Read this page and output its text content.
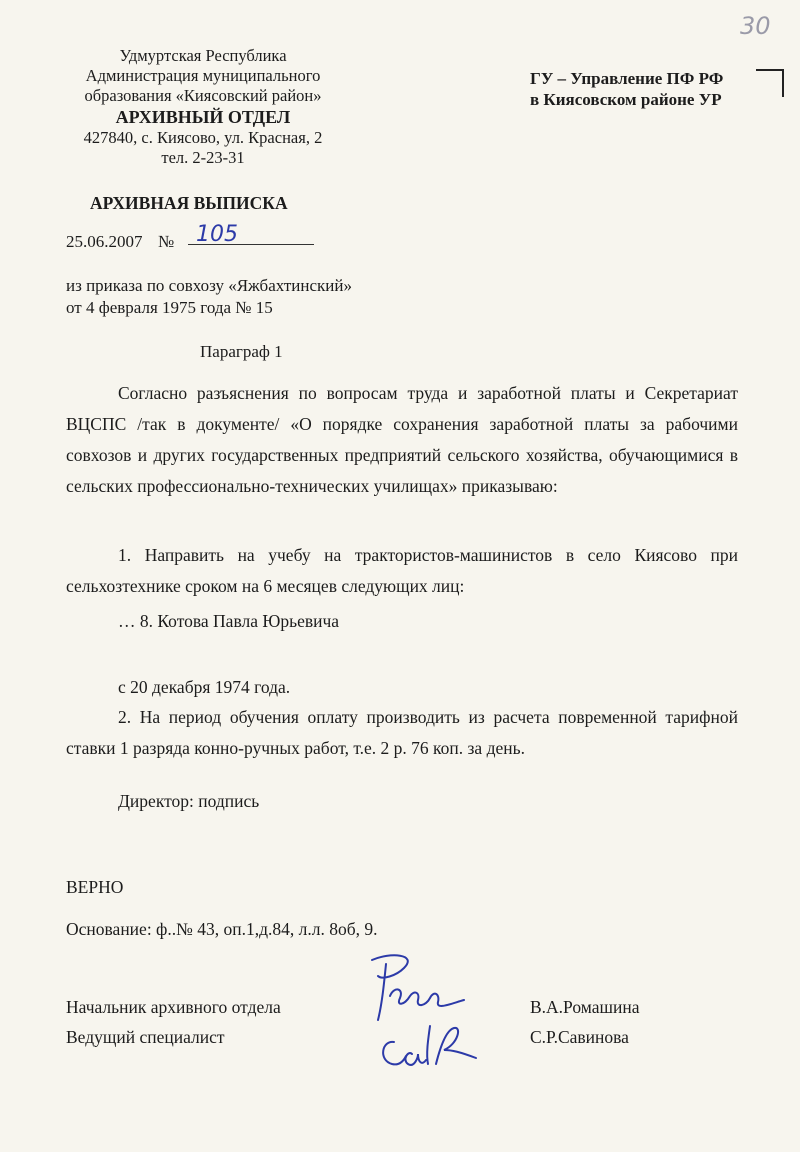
30
Удмуртская Республика
Администрация муниципального
образования «Киясовский район»
АРХИВНЫЙ ОТДЕЛ
427840, с. Киясово, ул. Красная, 2
тел. 2-23-31
ГУ – Управление ПФ РФ
в Киясовском районе УР
АРХИВНАЯ ВЫПИСКА
25.06.2007 № 105
из приказа по совхозу «Яжбахтинский»
от 4 февраля 1975 года № 15
Параграф 1
Согласно разъяснения по вопросам труда и заработной платы и Секретариат ВЦСПС /так в документе/ «О порядке сохранения заработной платы за рабочими совхозов и других государственных предприятий сельского хозяйства, обучающимися в сельских профессионально-технических училищах» приказываю:
1. Направить на учебу на трактористов-машинистов в село Киясово при сельхозтехнике сроком на 6 месяцев следующих лиц:
… 8. Котова Павла Юрьевича
с 20 декабря 1974 года.
2. На период обучения оплату производить из расчета повременной тарифной ставки 1 разряда конно-ручных работ, т.е. 2 р. 76 коп. за день.
Директор: подпись
ВЕРНО
Основание: ф..№ 43, оп.1,д.84, л.л. 8об, 9.
Начальник архивного отдела	В.А.Ромашина
Ведущий специалист	С.Р.Савинова
